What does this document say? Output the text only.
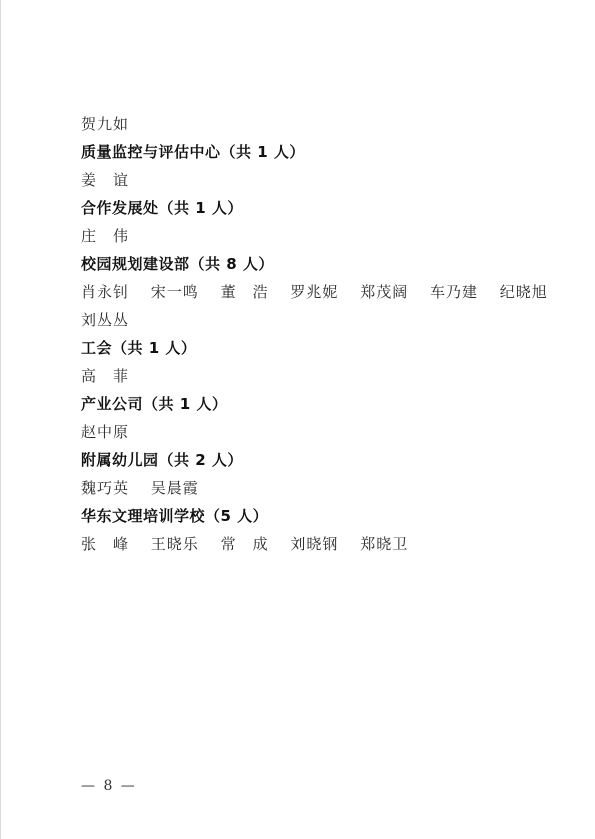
贺九如
质量监控与评估中心（共 1 人）
姜　谊
合作发展处（共 1 人）
庄　伟
校园规划建设部（共 8 人）
肖永钊 宋一鸣 董　浩 罗兆妮 郑茂阔 车乃建 纪晓旭
刘丛丛
工会（共 1 人）
高　菲
产业公司（共 1 人）
赵中原
附属幼儿园（共 2 人）
魏巧英 吴晨霞
华东文理培训学校（5 人）
张　峰 王晓乐 常　成 刘晓钢 郑晓卫
— 8 —
